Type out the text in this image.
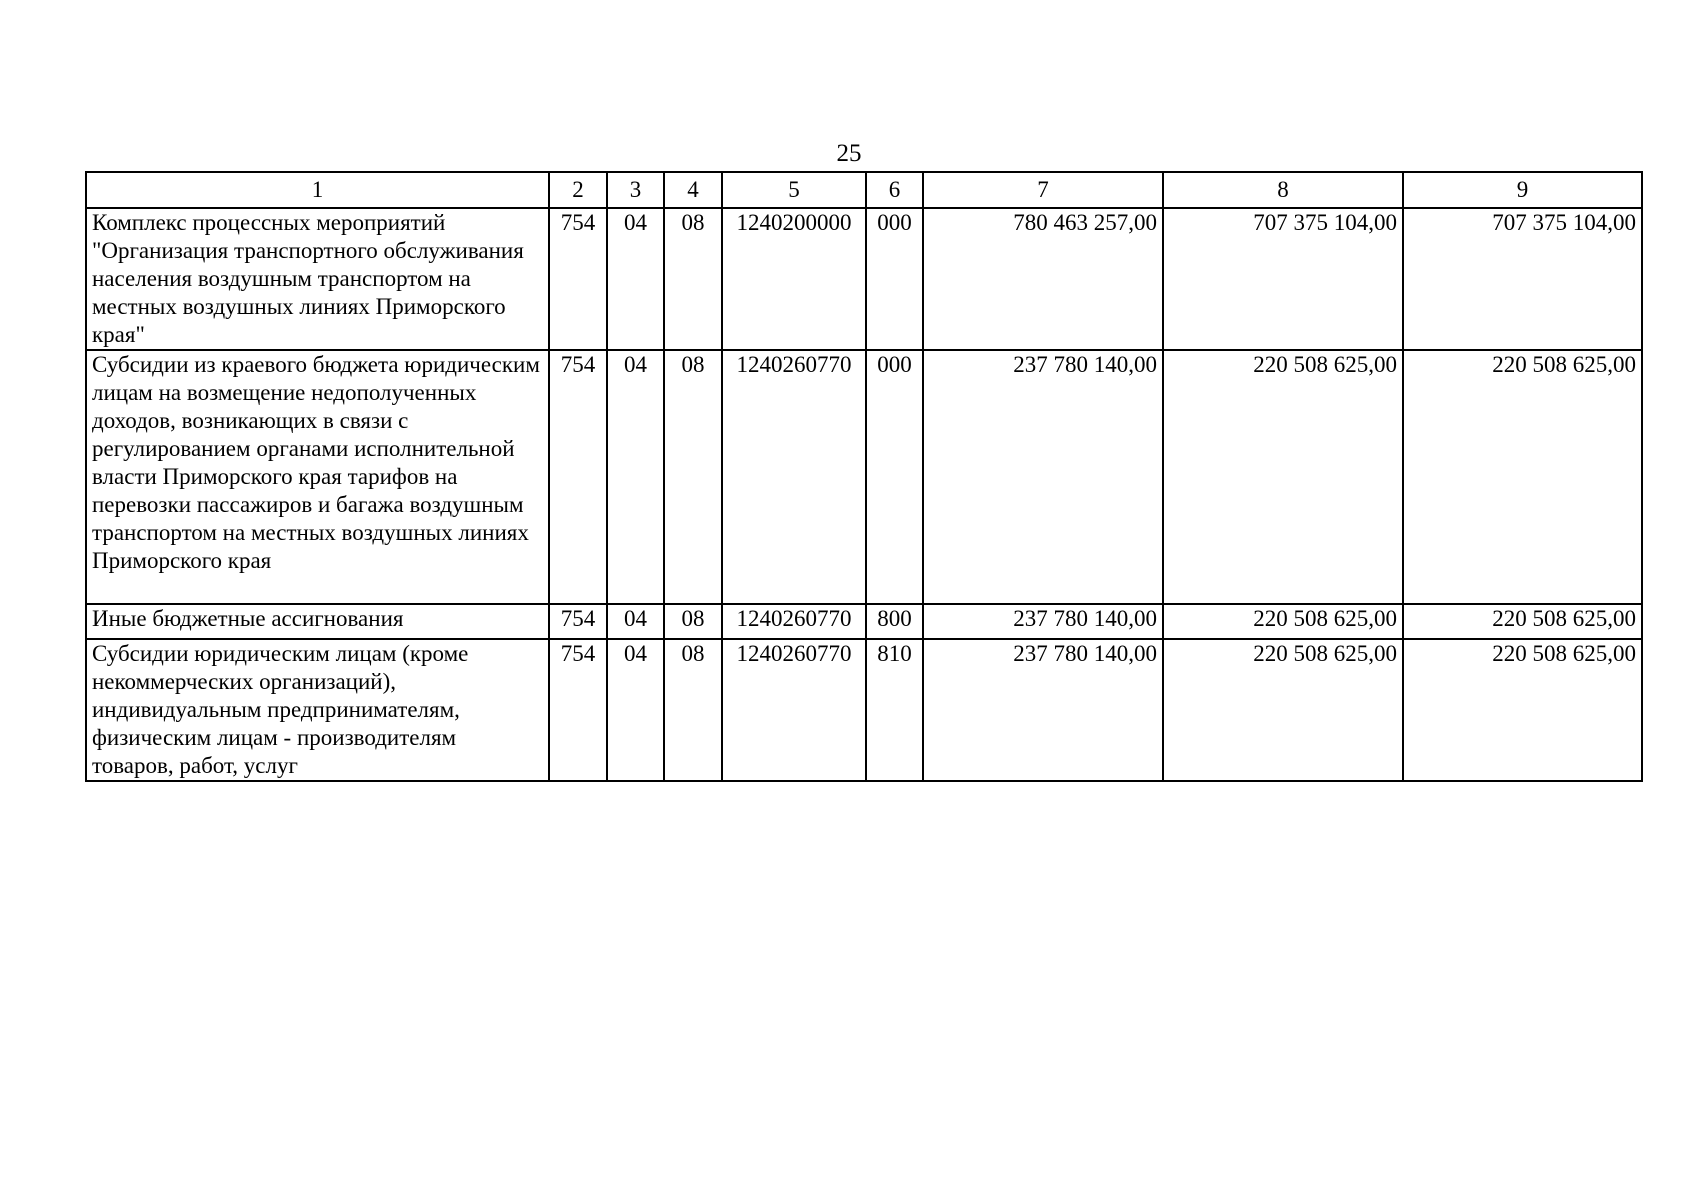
25
1	2	3	4	5	6	7	8	9
Комплекс процессных мероприятий "Организация транспортного обслуживания населения воздушным транспортом на местных воздушных линиях Приморского края"	754	04	08	1240200000	000	780 463 257,00	707 375 104,00	707 375 104,00
Субсидии из краевого бюджета юридическим лицам на возмещение недополученных доходов, возникающих в связи с регулированием органами исполнительной власти Приморского края тарифов на перевозки пассажиров и багажа воздушным транспортом на местных воздушных линиях Приморского края	754	04	08	1240260770	000	237 780 140,00	220 508 625,00	220 508 625,00
Иные бюджетные ассигнования	754	04	08	1240260770	800	237 780 140,00	220 508 625,00	220 508 625,00
Субсидии юридическим лицам (кроме некоммерческих организаций), индивидуальным предпринимателям, физическим лицам - производителям товаров, работ, услуг	754	04	08	1240260770	810	237 780 140,00	220 508 625,00	220 508 625,00
